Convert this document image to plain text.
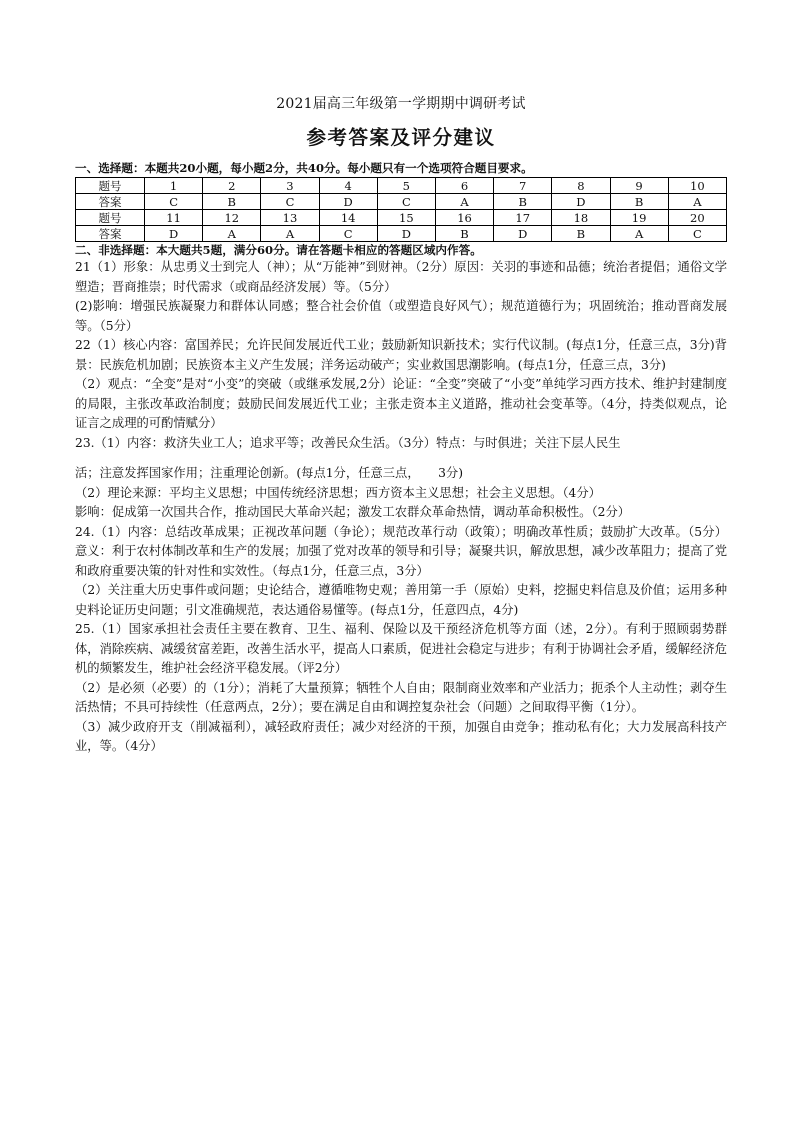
2021届高三年级第一学期期中调研考试
参考答案及评分建议
一、选择题：本题共20小题，每小题2分，共40分。每小题只有一个选项符合题目要求。
题号	1	2	3	4	5	6	7	8	9	10
答案	C	B	C	D	C	A	B	D	B	A
题号	11	12	13	14	15	16	17	18	19	20
答案	D	A	A	C	D	B	D	B	A	C
二、非选择题：本大题共5题，满分60分。请在答题卡相应的答题区域内作答。

21（1）形象：从忠勇义士到完人（神）；从“万能神”到财神。（2分）原因：关羽的事迹和品德；统治者提倡；通俗文学塑造；晋商推崇；时代需求（或商品经济发展）等。（5分）

(2)影响：增强民族凝聚力和群体认同感；整合社会价值（或塑造良好风气）；规范道德行为；巩固统治；推动晋商发展等。（5分）

22（1）核心内容：富国养民；允许民间发展近代工业；鼓励新知识新技术；实行代议制。(每点1分，任意三点，3分)背景：民族危机加剧；民族资本主义产生发展；洋务运动破产；实业救国思潮影响。(每点1分，任意三点，3分)

（2）观点：“全变”是对“小变”的突破（或继承发展,2分）论证：“全变”突破了“小变”单纯学习西方技术、维护封建制度的局限，主张改革政治制度；鼓励民间发展近代工业；主张走资本主义道路，推动社会变革等。（4分，持类似观点，论证言之成理的可酌情赋分）

23.（1）内容：救济失业工人；追求平等；改善民众生活。（3分）特点：与时俱进；关注下层人民生

活；注意发挥国家作用；注重理论创新。(每点1分，任意三点，　　3分)

（2）理论来源：平均主义思想；中国传统经济思想；西方资本主义思想；社会主义思想。（4分）

影响：促成第一次国共合作，推动国民大革命兴起；激发工农群众革命热情，调动革命积极性。（2分）

24.（1）内容：总结改革成果；正视改革问题（争论）；规范改革行动（政策）；明确改革性质；鼓励扩大改革。（5分）意义：利于农村体制改革和生产的发展；加强了党对改革的领导和引导；凝聚共识，解放思想，减少改革阻力；提高了党和政府重要决策的针对性和实效性。（每点1分，任意三点，3分）

（2）关注重大历史事件或问题；史论结合，遵循唯物史观；善用第一手（原始）史料，挖掘史料信息及价值；运用多种史料论证历史问题；引文准确规范，表达通俗易懂等。(每点1分，任意四点，4分)

25.（1）国家承担社会责任主要在教育、卫生、福利、保险以及干预经济危机等方面（述，2分）。有利于照顾弱势群体，消除疾病、减缓贫富差距，改善生活水平，提高人口素质，促进社会稳定与进步；有利于协调社会矛盾，缓解经济危机的频繁发生，维护社会经济平稳发展。（评2分）

（2）是必须（必要）的（1分）；消耗了大量预算；牺牲个人自由；限制商业效率和产业活力；扼杀个人主动性；剥夺生活热情；不具可持续性（任意两点，2分）；要在满足自由和调控复杂社会（问题）之间取得平衡（1分）。

（3）减少政府开支（削减福利），减轻政府责任；减少对经济的干预，加强自由竞争；推动私有化；大力发展高科技产业，等。（4分）
